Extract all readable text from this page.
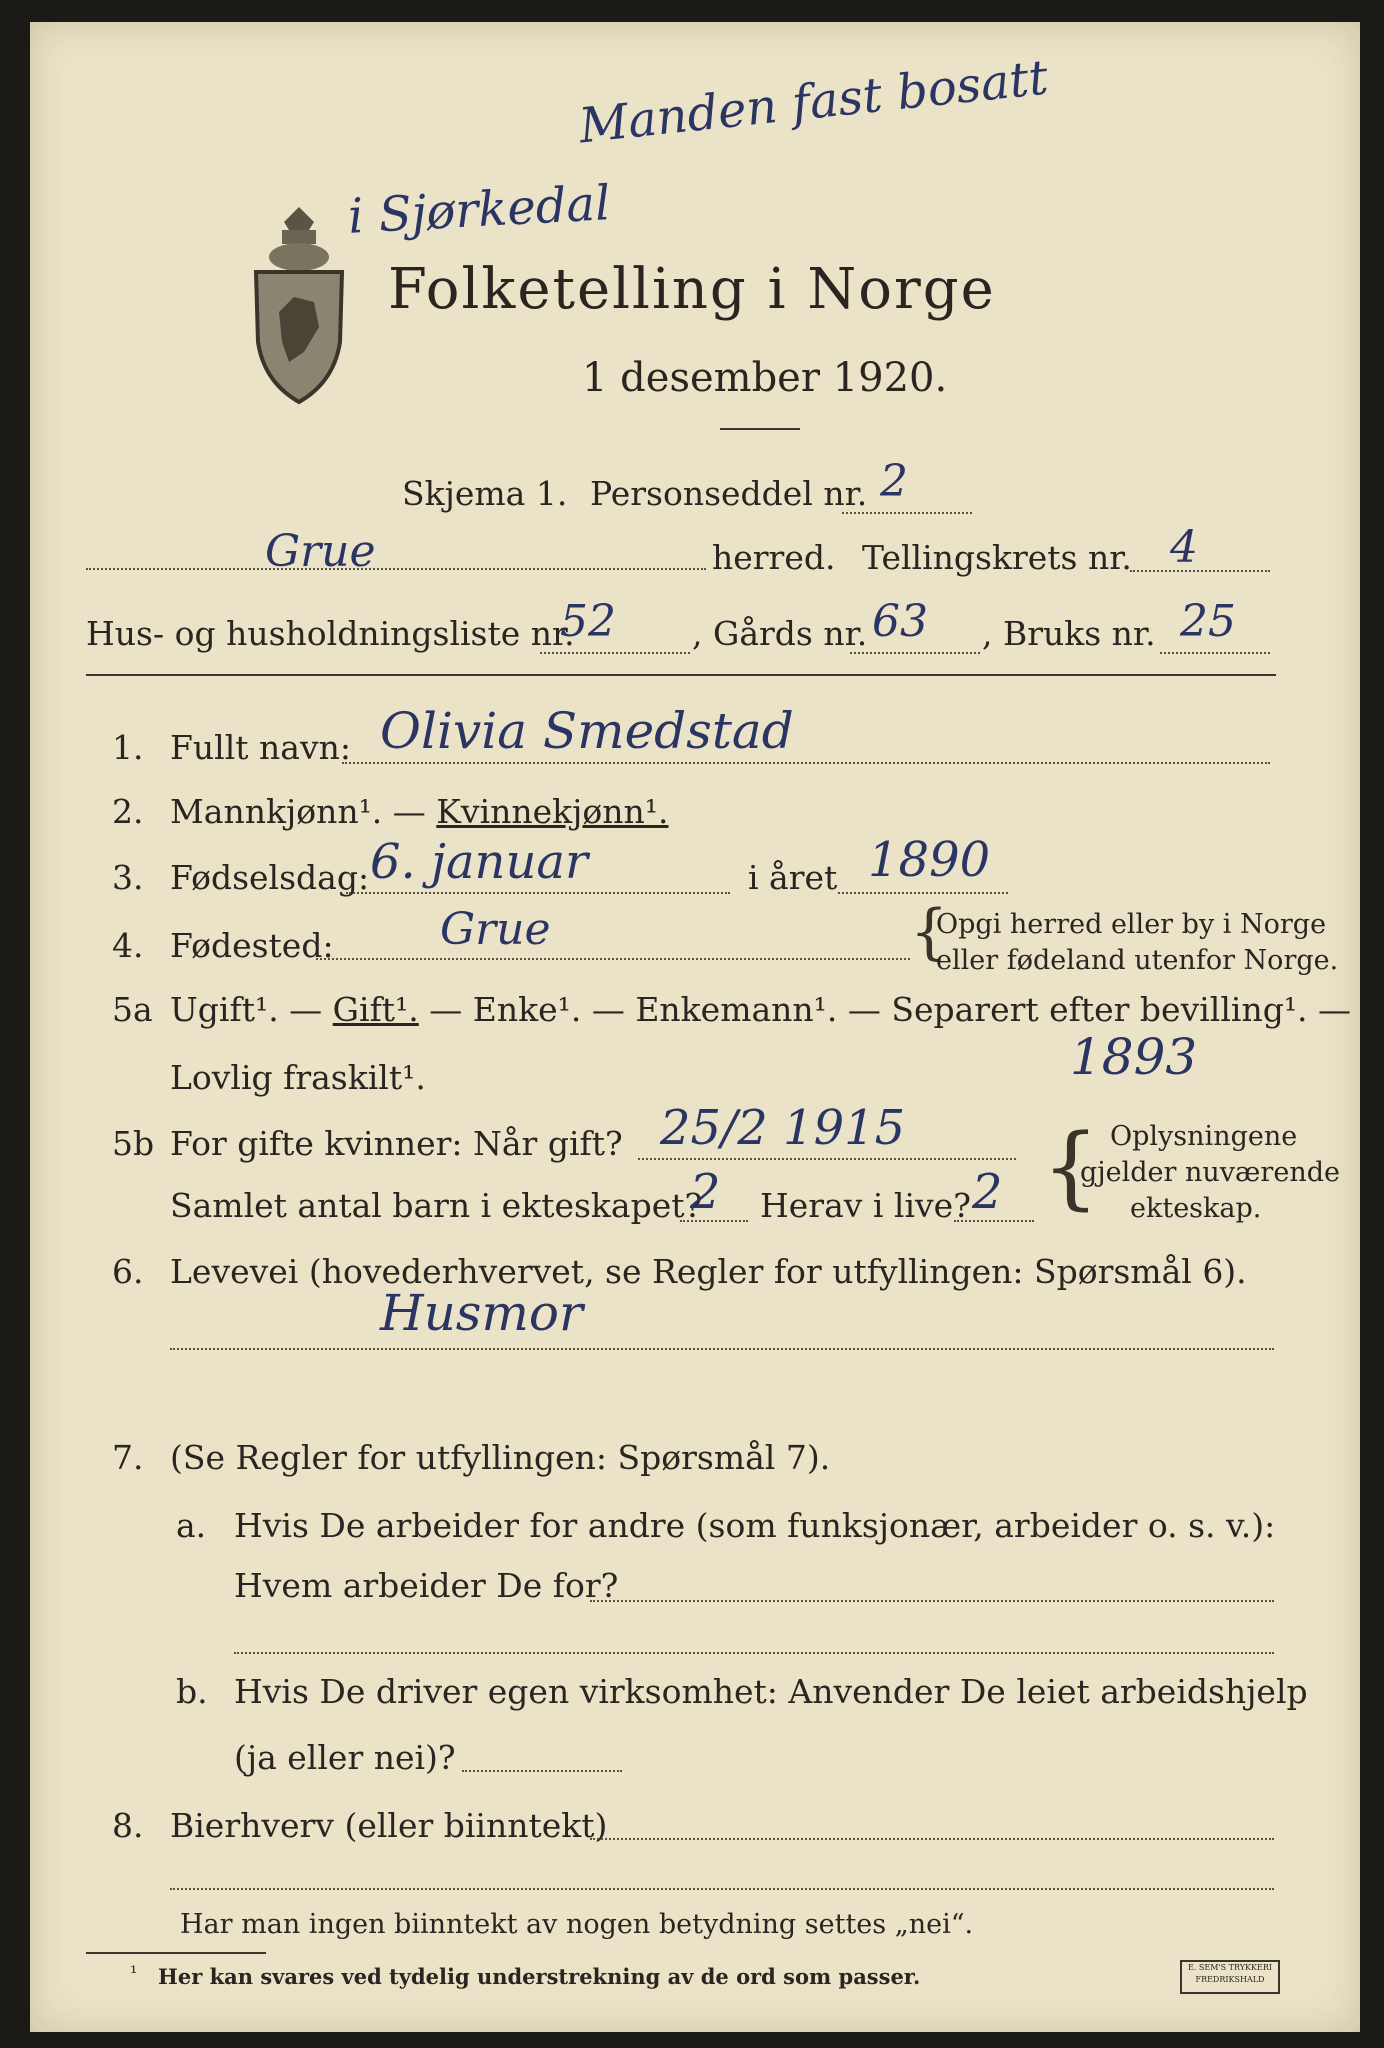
Manden fast bosatt
i Sjørkedal
Folketelling i Norge
1 desember 1920.
Skjema 1. Personseddel nr. 2
Grue	herred. Tellingskrets nr. 4
Hus- og husholdningsliste nr.
52 , Gårds nr. 63 , Bruks nr. 25
1. Fullt navn: Olivia Smedstad
2. Mannkjønn¹. — Kvinnekjønn¹.
3. Fødselsdag: 6. januar	i året 1890
4. Fødested: Grue	{
Opgi herred eller by i Norge
eller fødeland utenfor Norge.
5a Ugift¹. — Gift¹. — Enke¹. — Enkemann¹. — Separert efter bevilling¹. —
Lovlig fraskilt¹.	1893
5b For gifte kvinner: Når gift? 25/2 1915
Samlet antal barn i ekteskapet?
2 Herav i live? 2 { Oplysningene
gjelder nuværende
ekteskap.
6. Levevei (hovederhvervet, se Regler for utfyllingen: Spørsmål 6).
Husmor
7. (Se Regler for utfyllingen: Spørsmål 7).
a. Hvis De arbeider for andre (som funksjonær, arbeider o. s. v.):
Hvem arbeider De for?
b. Hvis De driver egen virksomhet: Anvender De leiet arbeidshjelp
(ja eller nei)?
8. Bierhverv (eller biinntekt)
Har man ingen biinntekt av nogen betydning settes „nei“.
¹ Her kan svares ved tydelig understrekning av de ord som passer.	E. SEM'S TRYKKERI FREDRIKSHALD
